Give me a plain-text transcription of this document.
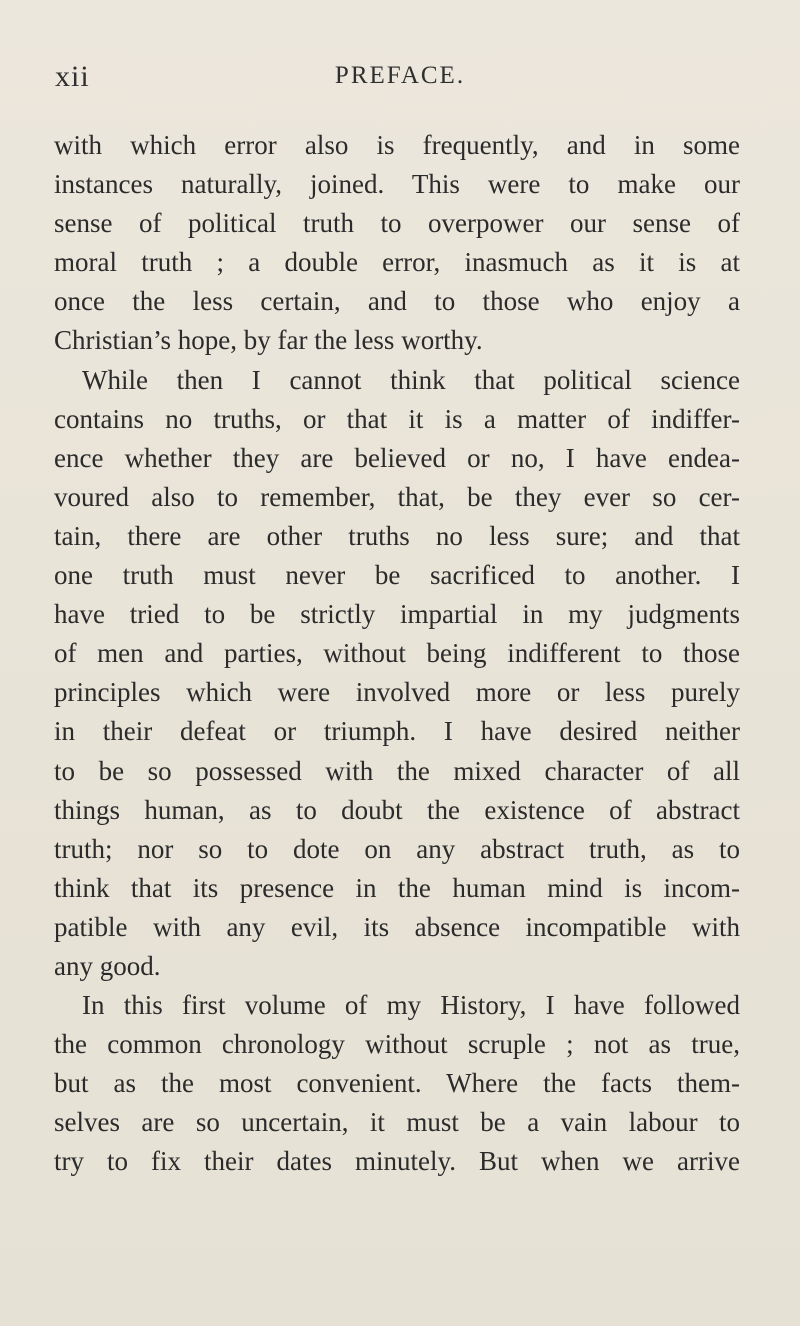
xii	PREFACE.
with which error also is frequently, and in some
instances naturally, joined. This were to make our
sense of political truth to overpower our sense of
moral truth ; a double error, inasmuch as it is at
once the less certain, and to those who enjoy a
Christian’s hope, by far the less worthy.
While then I cannot think that political science
contains no truths, or that it is a matter of indiffer-
ence whether they are believed or no, I have endea-
voured also to remember, that, be they ever so cer-
tain, there are other truths no less sure; and that
one truth must never be sacrificed to another. I
have tried to be strictly impartial in my judgments
of men and parties, without being indifferent to those
principles which were involved more or less purely
in their defeat or triumph. I have desired neither
to be so possessed with the mixed character of all
things human, as to doubt the existence of abstract
truth; nor so to dote on any abstract truth, as to
think that its presence in the human mind is incom-
patible with any evil, its absence incompatible with
any good.
In this first volume of my History, I have followed
the common chronology without scruple ; not as true,
but as the most convenient. Where the facts them-
selves are so uncertain, it must be a vain labour to
try to fix their dates minutely. But when we arrive
